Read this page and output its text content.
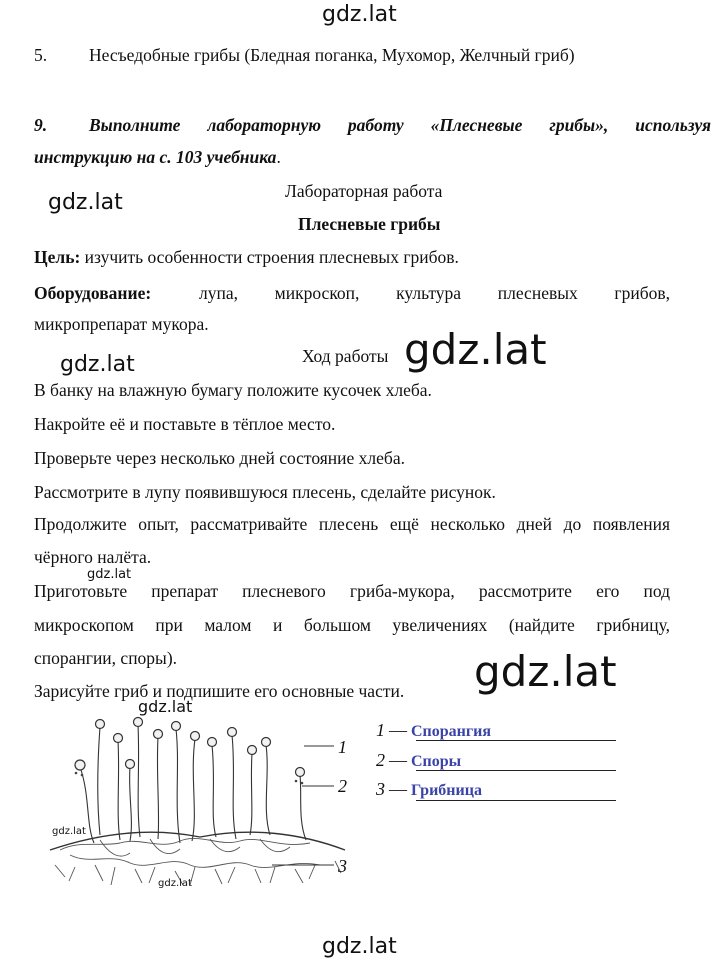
gdz.lat
5. Несъедобные грибы (Бледная поганка, Мухомор, Желчный гриб)
9. Выполните лабораторную работу «Плесневые грибы», используя
инструкцию на с. 103 учебника.
gdz.lat	Лабораторная работа
Плесневые грибы
Цель: изучить особенности строения плесневых грибов.
Оборудование:	лупа, микроскоп, культура плесневых грибов,
микропрепарат мукора.
gdz.lat	Ход работы gdz.lat
В банку на влажную бумагу положите кусочек хлеба.
Накройте её и поставьте в тёплое место.
Проверьте через несколько дней состояние хлеба.
Рассмотрите в лупу появившуюся плесень, сделайте рисунок.
Продолжите опыт, рассматривайте плесень ещё несколько дней до появления
чёрного налёта.
gdz.lat
Приготовьте препарат плесневого гриба-мукора, рассмотрите его под
микроскопом при малом и большом увеличениях (найдите грибницу,
спорангии, споры).
Зарисуйте гриб и подпишите его основные части. gdz.lat
gdz.lat
1
2
3
gdz.lat
gdz.lat
1 — Спорангия
2 — Споры
3 — Грибница
gdz.lat
